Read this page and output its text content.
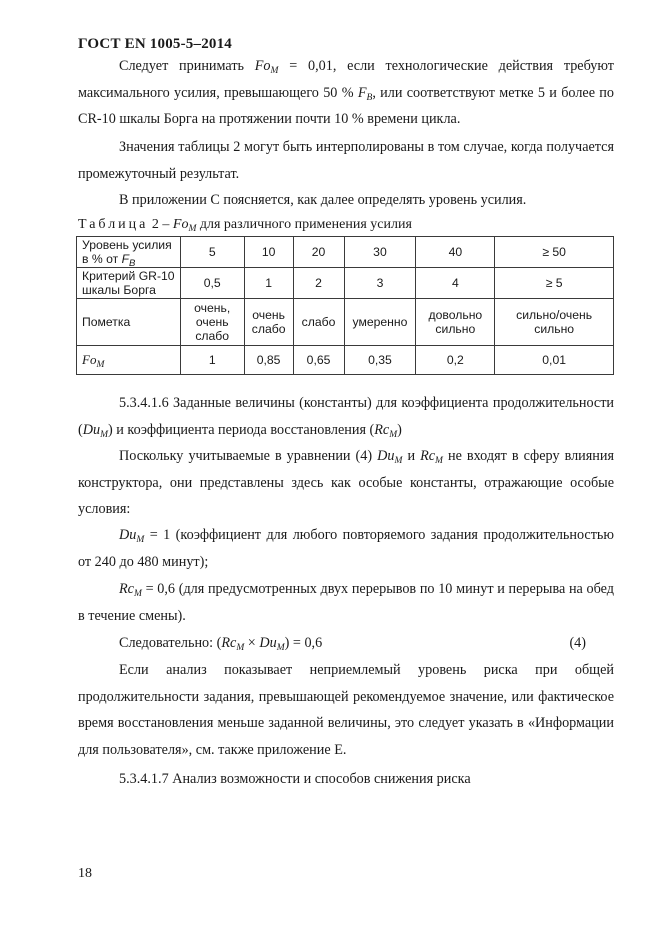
ГОСТ EN 1005-5–2014

Следует принимать $Fo_M = 0,01$, если технологические действия требуют максимального усилия, превышающего 50 % $F_B$, или соответствуют метке 5 и более по CR-10 шкалы Борга на протяжении почти 10 % времени цикла.

Значения таблицы 2 могут быть интерполированы в том случае, когда получается промежуточный результат.

В приложении C поясняется, как далее определять уровень усилия.

Таблица $2 - Fo_M$ для различного применения усилия
Уровень усилия в % от $F_B$	5	10	20	30	40	≥ 50
Критерий GR-10 шкалы Борга	0,5	1	2	3	4	≥ 5
Пометка	очень, очень слабо	очень слабо	слабо	умеренно	довольно сильно	сильно/очень сильно
$Fo_M$	1	0,85	0,65	0,35	0,2	0,01

5.3.4.1.6 Заданные величины (константы) для коэффициента продолжительности $(Du_M)$ и коэффициента периода восстановления $(Rc_M)$

Поскольку учитываемые в уравнении (4) $Du_M$ и $Rc_M$ не входят в сферу влияния конструктора, они представлены здесь как особые константы, отражающие особые условия:

$Du_M = 1$ (коэффициент для любого повторяемого задания продолжительностью от 240 до 480 минут);

$Rc_M = 0,6$ (для предусмотренных двух перерывов по 10 минут и перерыва на обед в течение смены).

Следовательно: $(Rc_M \times Du_M) = 0,6$	(4)

Если анализ показывает неприемлемый уровень риска при общей продолжительности задания, превышающей рекомендуемое значение, или фактическое время восстановления меньше заданной величины, это следует указать в «Информации для пользователя», см. также приложение E.

5.3.4.1.7 Анализ возможности и способов снижения риска

18
